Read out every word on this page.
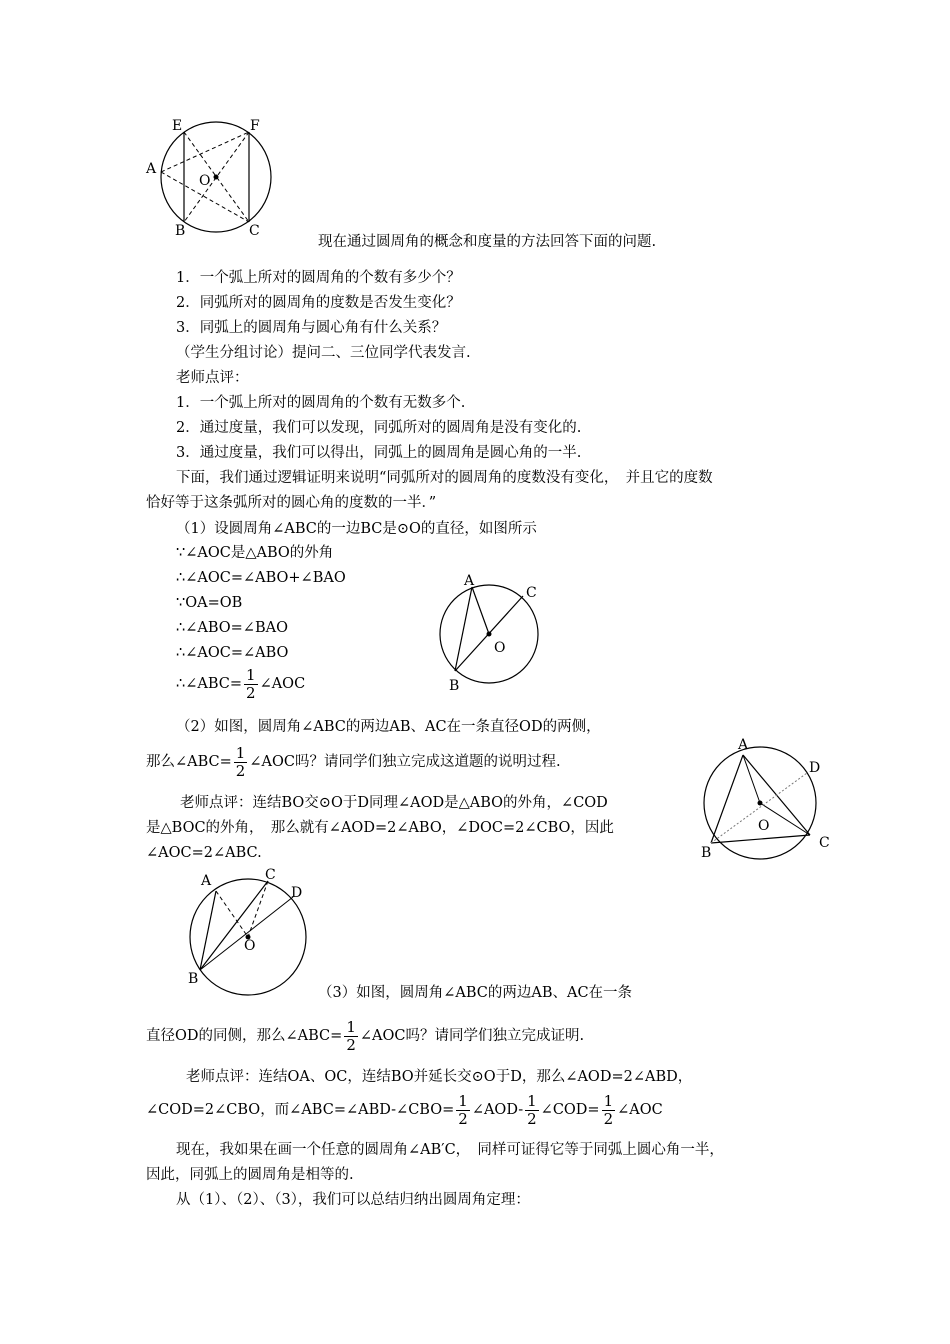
E	F
A
O
B	C
现在通过圆周角的概念和度量的方法回答下面的问题.
1．一个弧上所对的圆周角的个数有多少个？
2．同弧所对的圆周角的度数是否发生变化？
3．同弧上的圆周角与圆心角有什么关系？
（学生分组讨论）提问二、三位同学代表发言.
老师点评：
1．一个弧上所对的圆周角的个数有无数多个.
2．通过度量，我们可以发现，同弧所对的圆周角是没有变化的.
3．通过度量，我们可以得出，同弧上的圆周角是圆心角的一半.
下面，我们通过逻辑证明来说明“同弧所对的圆周角的度数没有变化，　并且它的度数
恰好等于这条弧所对的圆心角的度数的一半．”
（1）设圆周角∠ABC的一边BC是⊙O的直径，如图所示
∵∠AOC是△ABO的外角
∴∠AOC=∠ABO+∠BAO
∵OA=OB
∴∠ABO=∠BAO
∴∠AOC=∠ABO
∴∠ABC= $\frac{1}{2}$ ∠AOC
A
C
O
B
（2）如图，圆周角∠ABC的两边AB、AC在一条直径OD的两侧，
那么∠ABC= $\frac{1}{2}$ ∠AOC吗？请同学们独立完成这道题的说明过程.
老师点评：连结BO交⊙O于D同理∠AOD是△ABO的外角，∠COD
是△BOC的外角，　那么就有∠AOD=2∠ABO，∠DOC=2∠CBO，因此
∠AOC=2∠ABC.
A
D
O
B
C
A	C
D
O
B
（3）如图，圆周角∠ABC的两边AB、AC在一条
直径OD的同侧，那么∠ABC= $\frac{1}{2}$ ∠AOC吗？请同学们独立完成证明.
老师点评：连结OA、OC，连结BO并延长交⊙O于D，那么∠AOD=2∠ABD，
∠COD=2∠CBO，而∠ABC=∠ABD-∠CBO= $\frac{1}{2}$ ∠AOD- $\frac{1}{2}$ ∠COD= $\frac{1}{2}$ ∠AOC
现在，我如果在画一个任意的圆周角∠AB′C，　同样可证得它等于同弧上圆心角一半，
因此，同弧上的圆周角是相等的.
从（1）、（2）、（3），我们可以总结归纳出圆周角定理：
